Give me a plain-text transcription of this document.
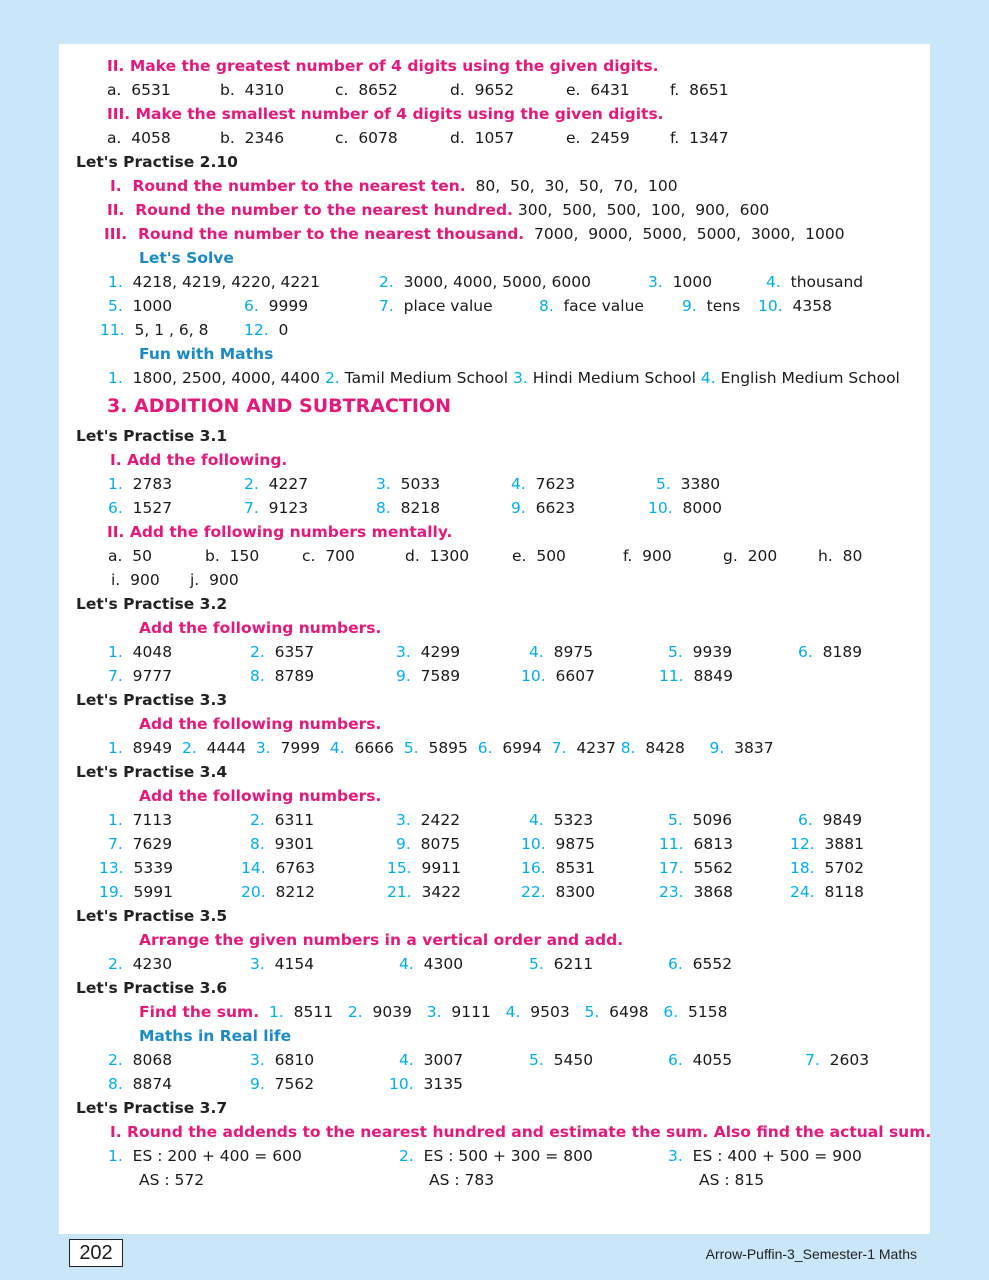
II. Make the greatest number of 4 digits using the given digits.
a. 6531	b. 4310	c. 8652	d. 9652	e. 6431	f. 8651
III. Make the smallest number of 4 digits using the given digits.
a. 4058	b. 2346	c. 6078	d. 1057	e. 2459	f. 1347
Let's Practise 2.10
I.  Round the number to the nearest ten.  80,  50,  30,  50,  70,  100
II.  Round the number to the nearest hundred. 300,  500,  500,  100,  900,  600
III.  Round the number to the nearest thousand.  7000,  9000,  5000,  5000,  3000,  1000
Let's Solve
1. 4218, 4219, 4220, 4221	2. 3000, 4000, 5000, 6000	3. 1000	4. thousand
5. 1000	6. 9999	7. place value	8. face value 9. tens 10. 4358
11. 5, 1 , 6, 8 12. 0
Fun with Maths
1.  1800, 2500, 4000, 4400 2. Tamil Medium School 3. Hindi Medium School 4. English Medium School
3. ADDITION AND SUBTRACTION
Let's Practise 3.1
I. Add the following.
1. 2783	2. 4227	3. 5033	4. 7623	5. 3380
6. 1527	7. 9123	8. 8218	9. 6623	10. 8000
II. Add the following numbers mentally.
a. 50	b. 150	c. 700	d. 1300	e. 500	f. 900	g. 200	h. 80
i. 900 j. 900
Let's Practise 3.2
Add the following numbers.
1. 4048	2. 6357	3. 4299	4. 8975	5. 9939	6. 8189
7. 9777	8. 8789	9. 7589	10. 6607	11. 8849
Let's Practise 3.3
Add the following numbers.
1.  8949  2.  4444  3.  7999  4.  6666  5.  5895  6.  6994  7.  4237 8.  8428     9.  3837
Let's Practise 3.4
Add the following numbers.
1. 7113	2. 6311	3. 2422	4. 5323	5. 5096	6. 9849
7. 7629	8. 9301	9. 8075	10. 9875	11. 6813	12. 3881
13. 5339	14. 6763	15. 9911	16. 8531	17. 5562	18. 5702
19. 5991	20. 8212	21. 3422	22. 8300	23. 3868	24. 8118
Let's Practise 3.5
Arrange the given numbers in a vertical order and add.
2. 4230	3. 4154	4. 4300	5. 6211	6. 6552
Let's Practise 3.6
Find the sum. 1.  8511   2.  9039   3.  9111   4.  9503   5.  6498   6.  5158
Maths in Real life
2. 8068	3. 6810	4. 3007	5. 5450	6. 4055	7. 2603
8. 8874	9. 7562	10. 3135
Let's Practise 3.7
I. Round the addends to the nearest hundred and estimate the sum. Also find the actual sum.
1. ES : 200 + 400 = 600	2. ES : 500 + 300 = 800	3. ES : 400 + 500 = 900
AS : 572	AS : 783	AS : 815
202	Arrow-Puffin-3_Semester-1 Maths
